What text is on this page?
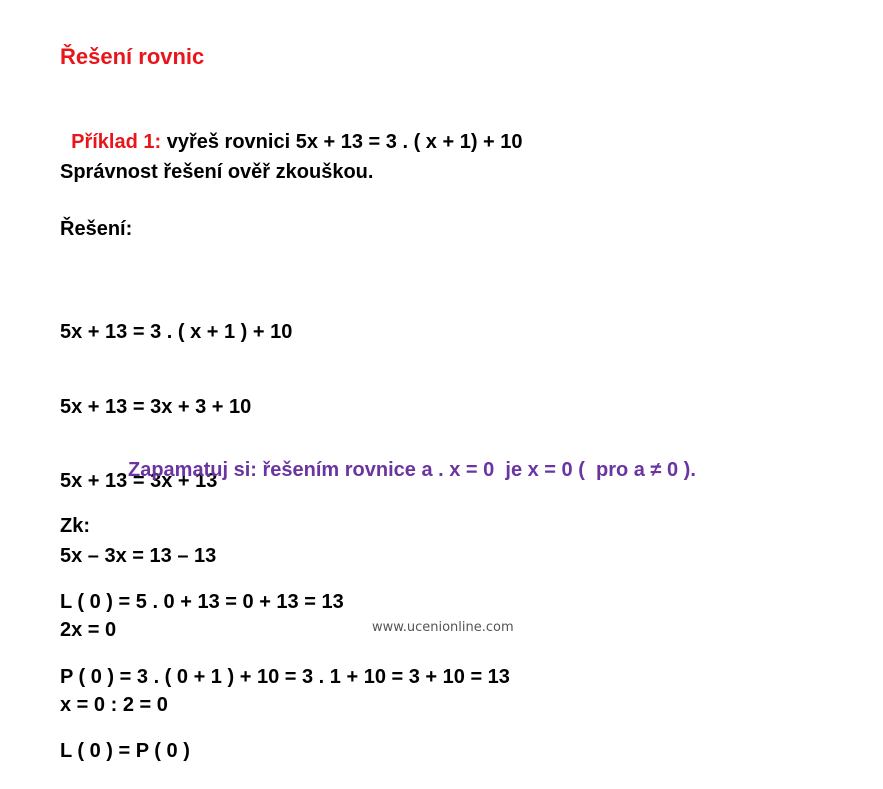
Řešení rovnic

Příklad 1: vyřeš rovnici 5x + 13 = 3 . ( x + 1) + 10

Správnost řešení ověř zkouškou.
Řešení:

5x + 13 = 3 . ( x + 1 ) + 10

5x + 13 = 3x + 3 + 10

5x + 13 = 3x + 13

5x – 3x = 13 – 13

2x = 0

x = 0 : 2 = 0

Zapamatuj si: řešením rovnice a . x = 0  je x = 0 (  pro a ≠ 0 ).
Zk:

L ( 0 ) = 5 . 0 + 13 = 0 + 13 = 13

P ( 0 ) = 3 . ( 0 + 1 ) + 10 = 3 . 1 + 10 = 3 + 10 = 13

L ( 0 ) = P ( 0 )

www.ucenionline.com
